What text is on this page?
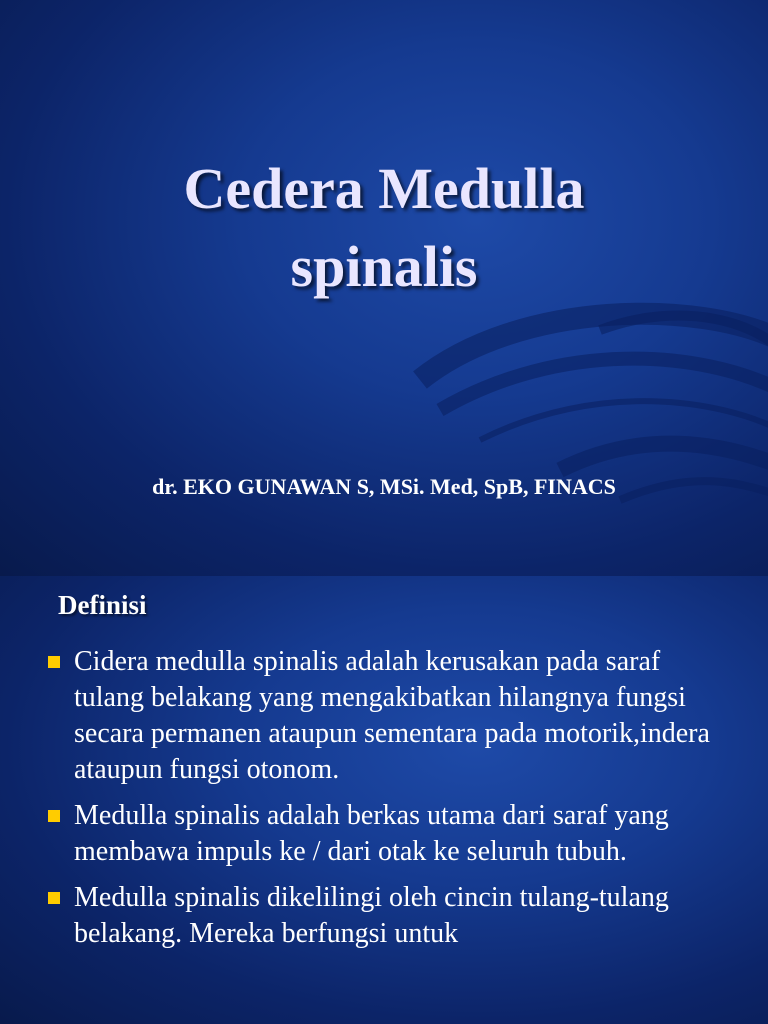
Cedera Medulla
spinalis

dr. EKO GUNAWAN S, MSi. Med, SpB, FINACS

Definisi
Cidera medulla spinalis adalah kerusakan pada saraf tulang belakang yang mengakibatkan hilangnya fungsi secara permanen ataupun sementara pada motorik,indera ataupun fungsi otonom.
Medulla spinalis adalah berkas utama dari saraf yang membawa impuls ke / dari otak ke seluruh tubuh.
Medulla spinalis dikelilingi oleh cincin tulang-tulang belakang. Mereka berfungsi untuk
